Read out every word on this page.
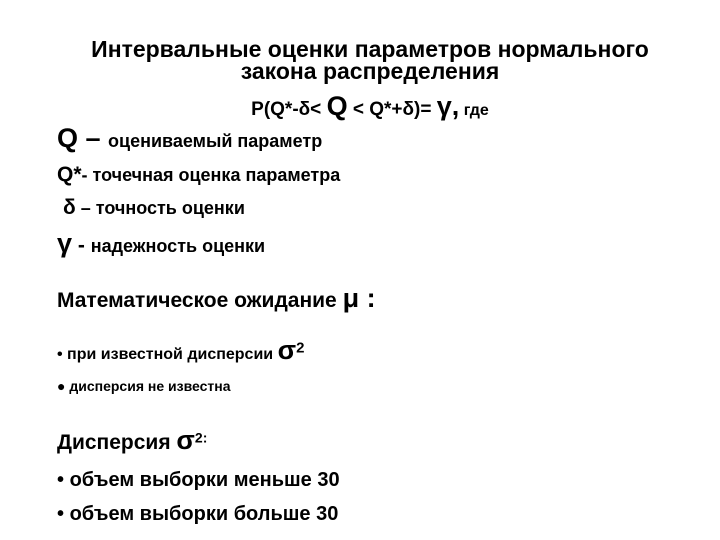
Интервальные оценки параметров нормального
закона распределения
P(Q*-δ< Q < Q*+δ)= γ, где
Q – оцениваемый параметр
Q*- точечная оценка параметра
δ – точность оценки
γ - надежность оценки
Математическое ожидание μ :
• при известной дисперсии $\sigma^2$
● дисперсия не известна
Дисперсия $\sigma^{2:}$
• объем выборки меньше 30
• объем выборки больше 30
